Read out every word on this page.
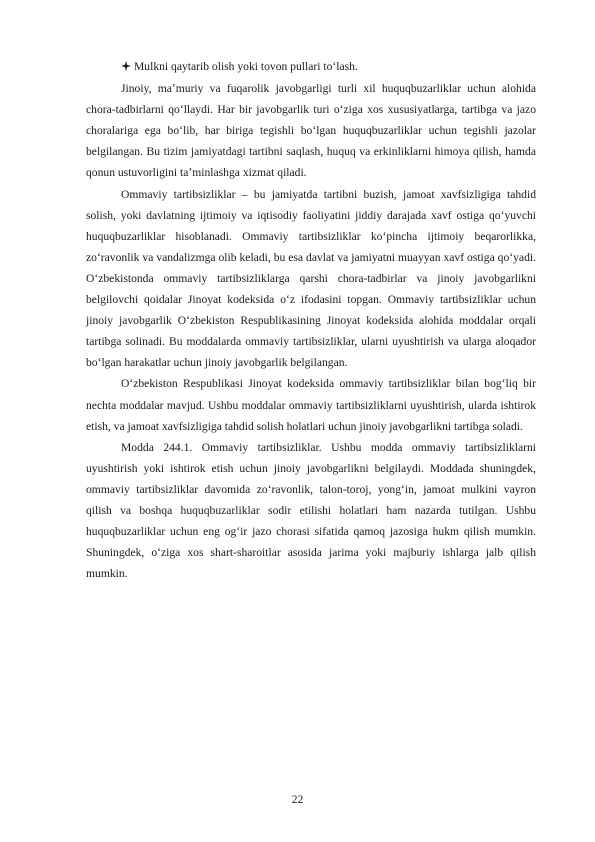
Mulkni qaytarib olish yoki tovon pullari toʻlash.

Jinoiy, maʼmuriy va fuqarolik javobgarligi turli xil huquqbuzarliklar uchun alohida chora-tadbirlarni qoʻllaydi. Har bir javobgarlik turi oʻziga xos xususiyatlarga, tartibga va jazo choralariga ega boʻlib, har biriga tegishli boʻlgan huquqbuzarliklar uchun tegishli jazolar belgilangan. Bu tizim jamiyatdagi tartibni saqlash, huquq va erkinliklarni himoya qilish, hamda qonun ustuvorligini taʼminlashga xizmat qiladi.

Ommaviy tartibsizliklar – bu jamiyatda tartibni buzish, jamoat xavfsizligiga tahdid solish, yoki davlatning ijtimoiy va iqtisodiy faoliyatini jiddiy darajada xavf ostiga qoʻyuvchi huquqbuzarliklar hisoblanadi. Ommaviy tartibsizliklar koʻpincha ijtimoiy beqarorlikka, zoʻravonlik va vandalizmga olib keladi, bu esa davlat va jamiyatni muayyan xavf ostiga qoʻyadi. Oʻzbekistonda ommaviy tartibsizliklarga qarshi chora-tadbirlar va jinoiy javobgarlikni belgilovchi qoidalar Jinoyat kodeksida oʻz ifodasini topgan. Ommaviy tartibsizliklar uchun jinoiy javobgarlik Oʻzbekiston Respublikasining Jinoyat kodeksida alohida moddalar orqali tartibga solinadi. Bu moddalarda ommaviy tartibsizliklar, ularni uyushtirish va ularga aloqador boʻlgan harakatlar uchun jinoiy javobgarlik belgilangan.

Oʻzbekiston Respublikasi Jinoyat kodeksida ommaviy tartibsizliklar bilan bogʻliq bir nechta moddalar mavjud. Ushbu moddalar ommaviy tartibsizliklarni uyushtirish, ularda ishtirok etish, va jamoat xavfsizligiga tahdid solish holatlari uchun jinoiy javobgarlikni tartibga soladi.

Modda 244.1. Ommaviy tartibsizliklar. Ushbu modda ommaviy tartibsizliklarni uyushtirish yoki ishtirok etish uchun jinoiy javobgarlikni belgilaydi. Moddada shuningdek, ommaviy tartibsizliklar davomida zoʻravonlik, talon-toroj, yongʻin, jamoat mulkini vayron qilish va boshqa huquqbuzarliklar sodir etilishi holatlari ham nazarda tutilgan. Ushbu huquqbuzarliklar uchun eng ogʻir jazo chorasi sifatida qamoq jazosiga hukm qilish mumkin. Shuningdek, oʻziga xos shart-sharoitlar asosida jarima yoki majburiy ishlarga jalb qilish mumkin.

22
